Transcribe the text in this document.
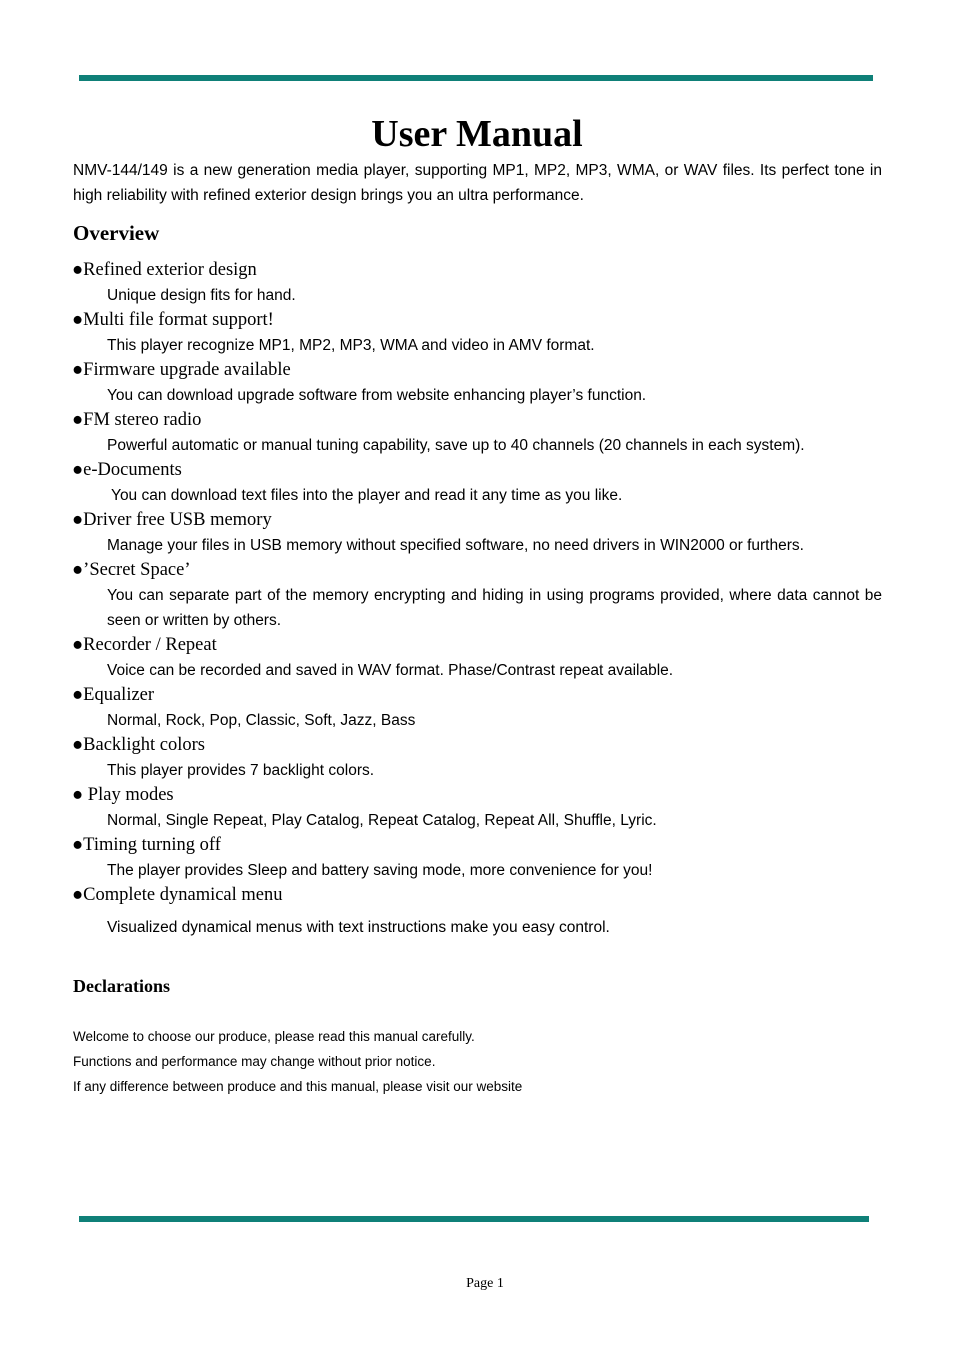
User Manual

NMV-144/149 is a new generation media player, supporting MP1, MP2, MP3, WMA, or WAV files. Its perfect tone in high reliability with refined exterior design brings you an ultra performance.

Overview

●Refined exterior design

Unique design fits for hand.

●Multi file format support!

This player recognize MP1, MP2, MP3, WMA and video in AMV format.

●Firmware upgrade available

You can download upgrade software from website enhancing player’s function.

●FM stereo radio

Powerful automatic or manual tuning capability, save up to 40 channels (20 channels in each system).

●e-Documents

You can download text files into the player and read it any time as you like.

●Driver free USB memory

Manage your files in USB memory without specified software, no need drivers in WIN2000 or furthers.

●’Secret Space’

You can separate part of the memory encrypting and hiding in using programs provided, where data cannot be seen or written by others.

●Recorder / Repeat

Voice can be recorded and saved in WAV format. Phase/Contrast repeat available.

●Equalizer

Normal, Rock, Pop, Classic, Soft, Jazz, Bass

●Backlight colors

This player provides 7 backlight colors.

● Play modes

Normal, Single Repeat, Play Catalog, Repeat Catalog, Repeat All, Shuffle, Lyric.

●Timing turning off

The player provides Sleep and battery saving mode, more convenience for you!

●Complete dynamical menu

Visualized dynamical menus with text instructions make you easy control.

Declarations

Welcome to choose our produce, please read this manual carefully.

Functions and performance may change without prior notice.

If any difference between produce and this manual, please visit our website

Page 1
